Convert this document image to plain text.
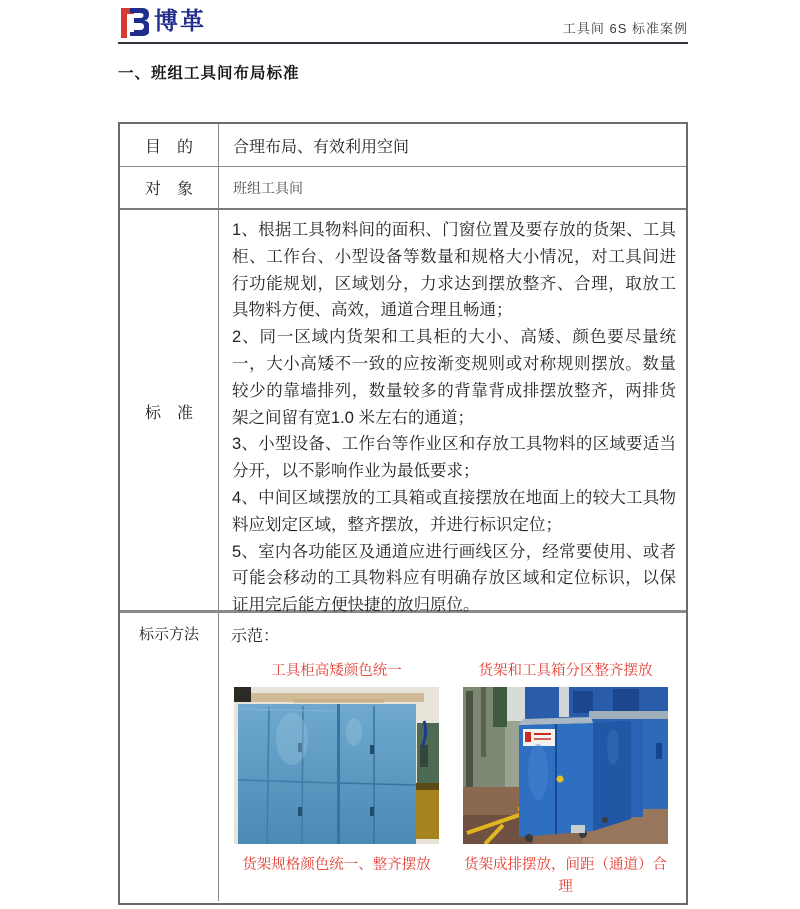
博革	工具间 6S 标准案例
一、班组工具间布局标准
目　的	合理布局、有效利用空间
对　象	班组工具间
标　准

1、根据工具物料间的面积、门窗位置及要存放的货架、工具柜、工作台、小型设备等数量和规格大小情况，对工具间进行功能规划，区域划分，力求达到摆放整齐、合理，取放工具物料方便、高效，通道合理且畅通；

2、同一区域内货架和工具柜的大小、高矮、颜色要尽量统一，大小高矮不一致的应按渐变规则或对称规则摆放。数量较少的靠墙排列，数量较多的背靠背成排摆放整齐，两排货架之间留有宽1.0 米左右的通道；

3、小型设备、工作台等作业区和存放工具物料的区域要适当分开，以不影响作业为最低要求；

4、中间区域摆放的工具箱或直接摆放在地面上的较大工具物料应划定区域，整齐摆放，并进行标识定位；

5、室内各功能区及通道应进行画线区分，经常要使用、或者可能会移动的工具物料应有明确存放区域和定位标识，以保证用完后能方便快捷的放归原位。

标示方法	示范：
工具柜高矮颜色统一
货架规格颜色统一、整齐摆放
货架和工具箱分区整齐摆放
货架成排摆放，间距（通道）合理
